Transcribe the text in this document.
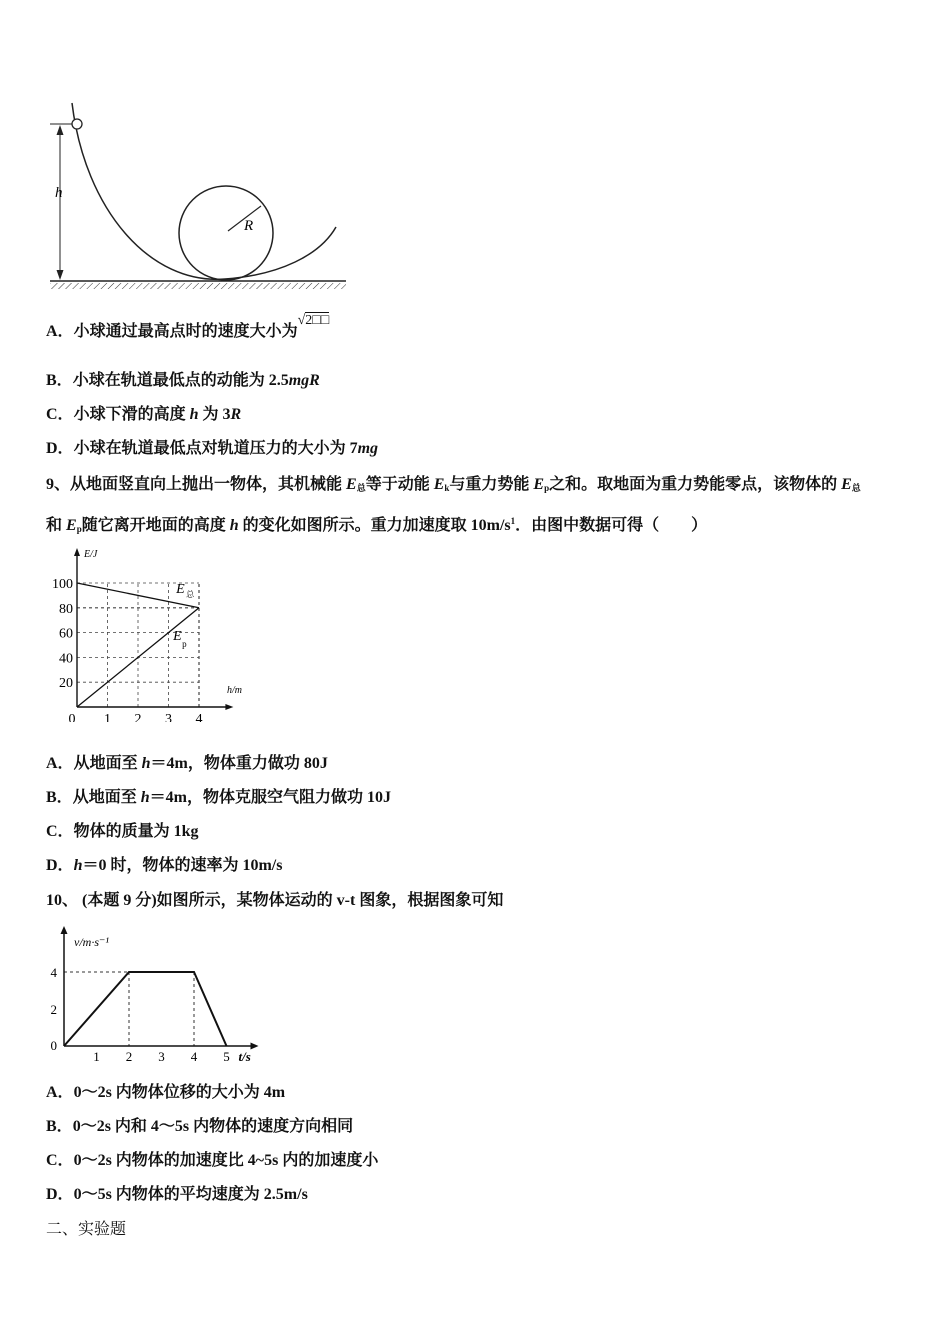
R
h
A．小球通过最高点时的速度大小为√2□□
B．小球在轨道最低点的动能为 2.5mgR
C．小球下滑的高度 h 为 3R
D．小球在轨道最低点对轨道压力的大小为 7mg
9、从地面竖直向上抛出一物体，其机械能 $E_总$等于动能 $E_k$与重力势能 $E_p$之和。取地面为重力势能零点，该物体的 $E_总$
和 $E_p$随它离开地面的高度 h 的变化如图所示。重力加速度取 $10m/s^1$．由图中数据可得（　　）
E/J
h/m
20
40
60
80
100
0 1 2 3 4
E 总
E p
A．从地面至 h＝4m，物体重力做功 80J
B．从地面至 h＝4m，物体克服空气阻力做功 10J
C．物体的质量为 1kg
D．h＝0 时，物体的速率为 10m/s
10、 (本题 9 分)如图所示，某物体运动的 v-t 图象，根据图象可知
v/m·s⁻¹
t/s
0
2
4
1 2 3 4 5
A．0～2s 内物体位移的大小为 4m
B．0～2s 内和 4～5s 内物体的速度方向相同
C．0～2s 内物体的加速度比 4~5s 内的加速度小
D．0～5s 内物体的平均速度为 2.5m/s
二、实验题
